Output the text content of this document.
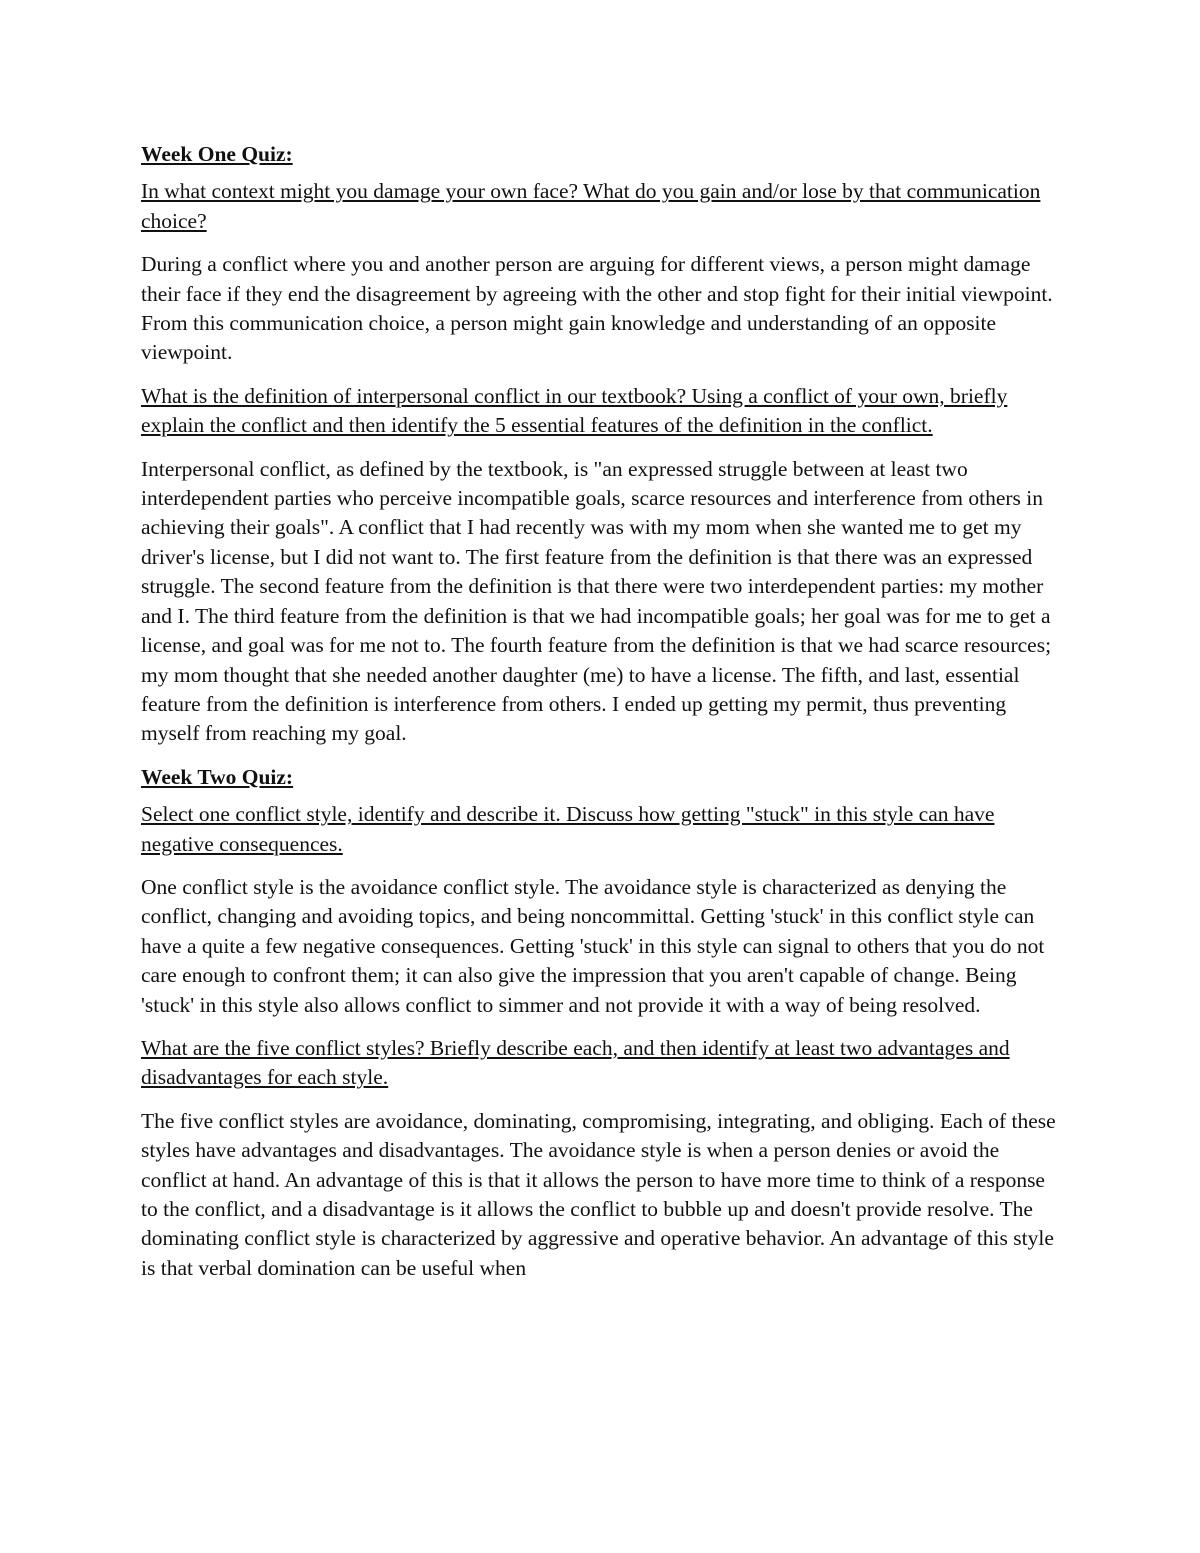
Week One Quiz:
In what context might you damage your own face? What do you gain and/or lose by that communication choice?
During a conflict where you and another person are arguing for different views, a person might damage their face if they end the disagreement by agreeing with the other and stop fight for their initial viewpoint. From this communication choice, a person might gain knowledge and understanding of an opposite viewpoint.
What is the definition of interpersonal conflict in our textbook? Using a conflict of your own, briefly explain the conflict and then identify the 5 essential features of the definition in the conflict.
Interpersonal conflict, as defined by the textbook, is "an expressed struggle between at least two interdependent parties who perceive incompatible goals, scarce resources and interference from others in achieving their goals". A conflict that I had recently was with my mom when she wanted me to get my driver's license, but I did not want to. The first feature from the definition is that there was an expressed struggle. The second feature from the definition is that there were two interdependent parties: my mother and I. The third feature from the definition is that we had incompatible goals; her goal was for me to get a license, and goal was for me not to. The fourth feature from the definition is that we had scarce resources; my mom thought that she needed another daughter (me) to have a license. The fifth, and last, essential feature from the definition is interference from others. I ended up getting my permit, thus preventing myself from reaching my goal.
Week Two Quiz:
Select one conflict style, identify and describe it. Discuss how getting "stuck" in this style can have negative consequences.
One conflict style is the avoidance conflict style. The avoidance style is characterized as denying the conflict, changing and avoiding topics, and being noncommittal. Getting 'stuck' in this conflict style can have a quite a few negative consequences. Getting 'stuck' in this style can signal to others that you do not care enough to confront them; it can also give the impression that you aren't capable of change. Being 'stuck' in this style also allows conflict to simmer and not provide it with a way of being resolved.
What are the five conflict styles? Briefly describe each, and then identify at least two advantages and disadvantages for each style.
The five conflict styles are avoidance, dominating, compromising, integrating, and obliging. Each of these styles have advantages and disadvantages. The avoidance style is when a person denies or avoid the conflict at hand. An advantage of this is that it allows the person to have more time to think of a response to the conflict, and a disadvantage is it allows the conflict to bubble up and doesn't provide resolve. The dominating conflict style is characterized by aggressive and operative behavior. An advantage of this style is that verbal domination can be useful when
